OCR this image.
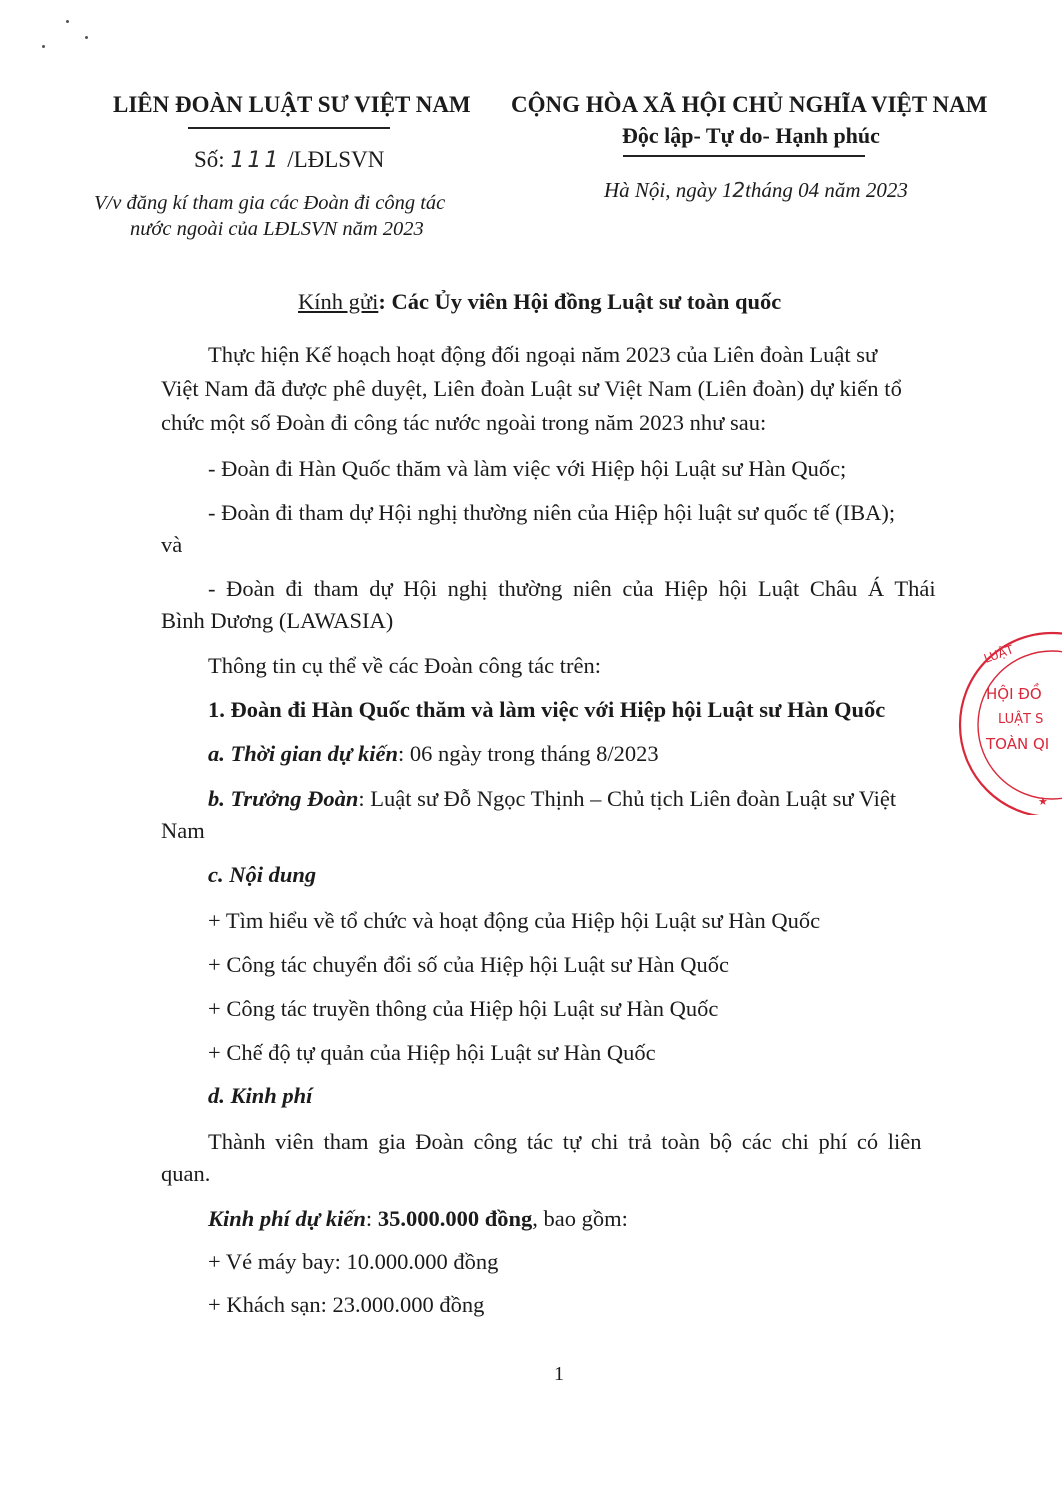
LIÊN ĐOÀN LUẬT SƯ VIỆT NAM
Số: 111 /LĐLSVN
V/v đăng kí tham gia các Đoàn đi công tác
nước ngoài của LĐLSVN năm 2023
CỘNG HÒA XÃ HỘI CHỦ NGHĨA VIỆT NAM
Độc lập- Tự do- Hạnh phúc
Hà Nội, ngày 12tháng 04 năm 2023
Kính gửi: Các Ủy viên Hội đồng Luật sư toàn quốc
Thực hiện Kế hoạch hoạt động đối ngoại năm 2023 của Liên đoàn Luật sư
Việt Nam đã được phê duyệt, Liên đoàn Luật sư Việt Nam (Liên đoàn) dự kiến tổ
chức một số Đoàn đi công tác nước ngoài trong năm 2023 như sau:
- Đoàn đi Hàn Quốc thăm và làm việc với Hiệp hội Luật sư Hàn Quốc;
- Đoàn đi tham dự Hội nghị thường niên của Hiệp hội luật sư quốc tế (IBA);
và
- Đoàn đi tham dự Hội nghị thường niên của Hiệp hội Luật Châu Á Thái
Bình Dương (LAWASIA)
Thông tin cụ thể về các Đoàn công tác trên:
1. Đoàn đi Hàn Quốc thăm và làm việc với Hiệp hội Luật sư Hàn Quốc
a. Thời gian dự kiến: 06 ngày trong tháng 8/2023
b. Trưởng Đoàn: Luật sư Đỗ Ngọc Thịnh – Chủ tịch Liên đoàn Luật sư Việt
Nam
c. Nội dung
+ Tìm hiểu về tổ chức và hoạt động của Hiệp hội Luật sư Hàn Quốc
+ Công tác chuyển đổi số của Hiệp hội Luật sư Hàn Quốc
+ Công tác truyền thông của Hiệp hội Luật sư Hàn Quốc
+ Chế độ tự quản của Hiệp hội Luật sư Hàn Quốc
d. Kinh phí
Thành viên tham gia Đoàn công tác tự chi trả toàn bộ các chi phí có liên
quan.
Kinh phí dự kiến: 35.000.000 đồng, bao gồm:
+ Vé máy bay: 10.000.000 đồng
+ Khách sạn: 23.000.000 đồng
1
LUẬT
HỘI ĐỒ
LUẬT S
TOÀN QI
★
